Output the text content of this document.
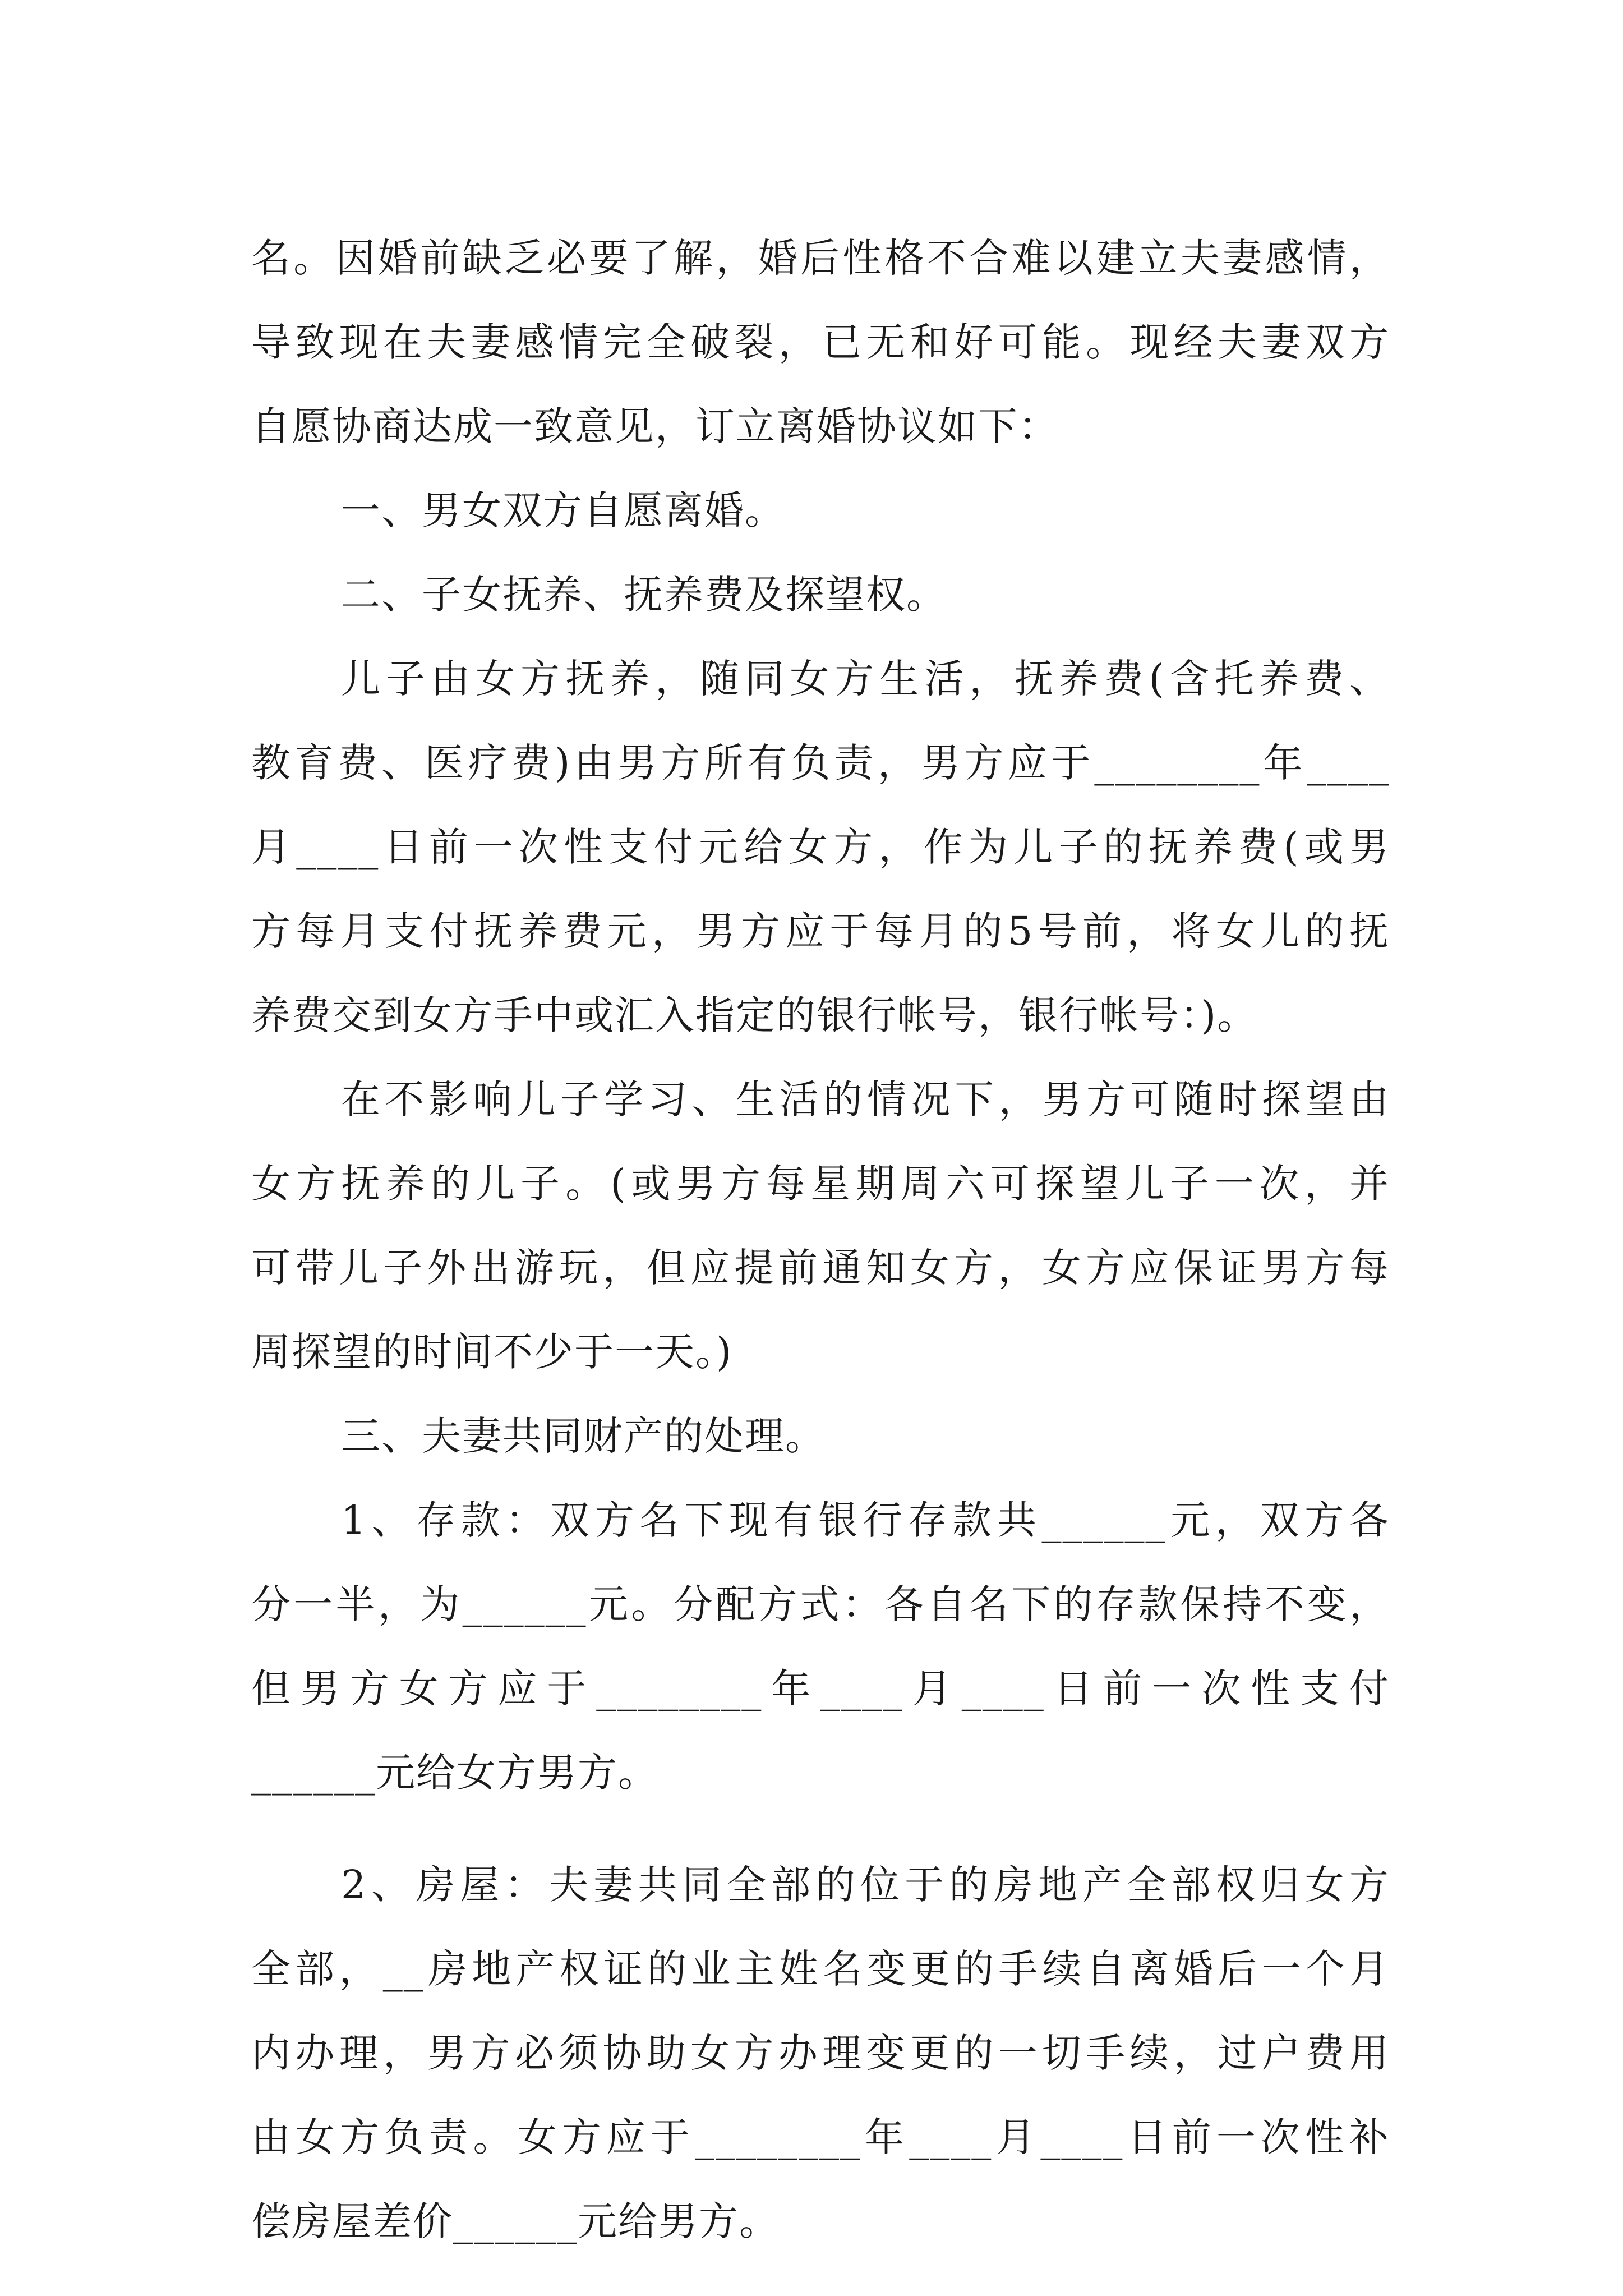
名。因婚前缺乏必要了解，婚后性格不合难以建立夫妻感情，
导致现在夫妻感情完全破裂，已无和好可能。现经夫妻双方
自愿协商达成一致意见，订立离婚协议如下：
一、男女双方自愿离婚。
二、子女抚养、抚养费及探望权。
儿子由女方抚养，随同女方生活，抚养费(含托养费、
教育费、医疗费)由男方所有负责，男方应于________年____
月____日前一次性支付元给女方，作为儿子的抚养费(或男
方每月支付抚养费元，男方应于每月的5号前，将女儿的抚
养费交到女方手中或汇入指定的银行帐号，银行帐号：)。
在不影响儿子学习、生活的情况下，男方可随时探望由
女方抚养的儿子。(或男方每星期周六可探望儿子一次，并
可带儿子外出游玩，但应提前通知女方，女方应保证男方每
周探望的时间不少于一天。)
三、夫妻共同财产的处理。
1、存款：双方名下现有银行存款共______元，双方各
分一半，为______元。分配方式：各自名下的存款保持不变，
但男方女方应于________年____月____日前一次性支付
______元给女方男方。
2、房屋：夫妻共同全部的位于的房地产全部权归女方
全部，__房地产权证的业主姓名变更的手续自离婚后一个月
内办理，男方必须协助女方办理变更的一切手续，过户费用
由女方负责。女方应于________年____月____日前一次性补
偿房屋差价______元给男方。
